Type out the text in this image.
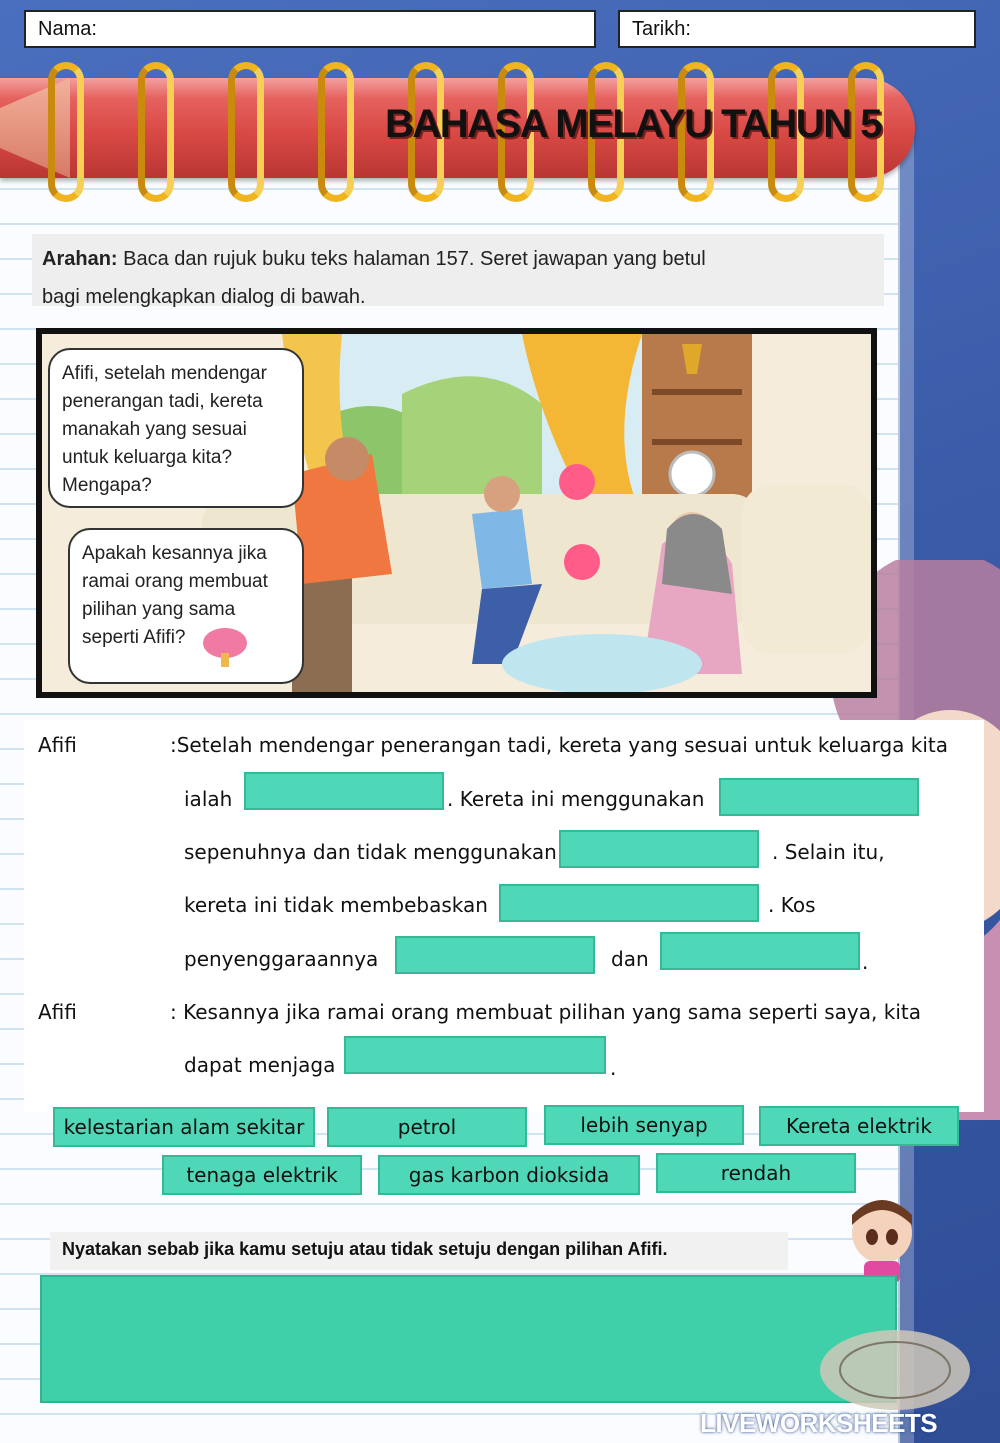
Nama:	Tarikh:
BAHASA MELAYU TAHUN 5
Arahan: Baca dan rujuk buku teks halaman 157. Seret jawapan yang betul
bagi melengkapkan dialog di bawah.
Afifi, setelah mendengar
penerangan tadi, kereta
manakah yang sesuai
untuk keluarga kita?
Mengapa?
Apakah kesannya jika
ramai orang membuat
pilihan yang sama
seperti Afifi?
Afifi	:Setelah mendengar penerangan tadi, kereta yang sesuai untuk keluarga kita
ialah	. Kereta ini menggunakan
sepenuhnya dan tidak menggunakan	. Selain itu,
kereta ini tidak membebaskan	. Kos
penyenggaraannya	dan	.
Afifi	: Kesannya jika ramai orang membuat pilihan yang sama seperti saya, kita
dapat menjaga	.
kelestarian alam sekitar	petrol	lebih senyap	Kereta elektrik
tenaga elektrik	gas karbon dioksida	rendah
Nyatakan sebab jika kamu setuju atau tidak setuju dengan pilihan Afifi.
LIVEWORKSHEETS
